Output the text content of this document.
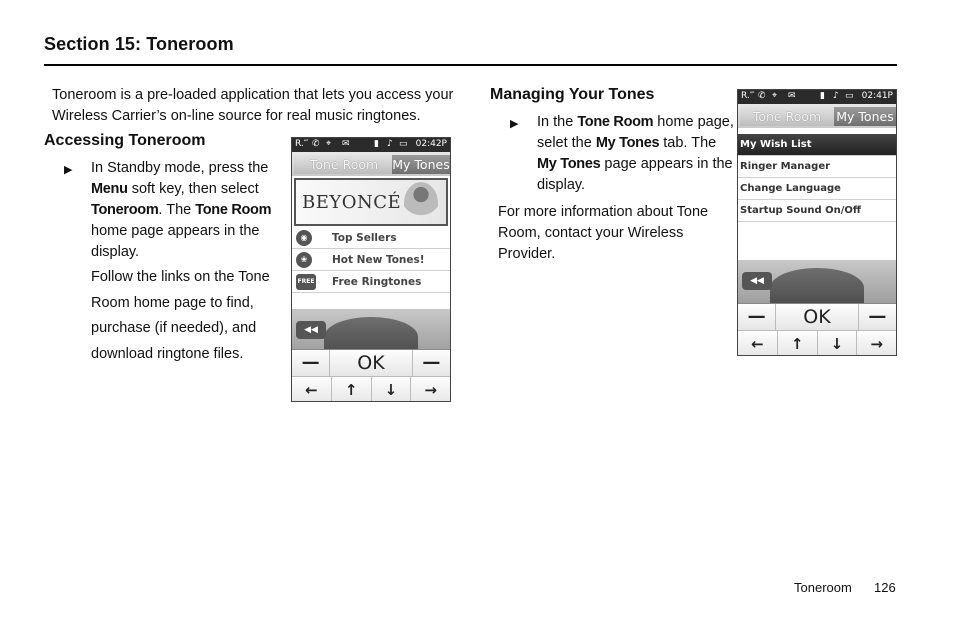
Section 15: Toneroom
Toneroom is a pre-loaded application that lets you access your
Wireless Carrier’s on-line source for real music ringtones.
Accessing Toneroom
▶ In Standby mode, press the
Menu soft key, then select
Toneroom. The Tone Room
home page appears in the
display.
Follow the links on the Tone
Room home page to find,
purchase (if needed), and
download ringtone files.
R.‴ ✆ ⌖ ✉	▮ ♪ ▭ 02:42P
Tone Room	My Tones
BEYONCÉ
◉	Top Sellers
❀	Hot New Tones!
FREE Free Ringtones
◀◀
—	OK	—
←	↑	↓	→
Managing Your Tones
▶ In the Tone Room home page,
selet the My Tones tab. The
My Tones page appears in the
display.
For more information about Tone
Room, contact your Wireless
Provider.
R.‴ ✆ ⌖ ✉	▮ ♪ ▭ 02:41P
Tone Room	My Tones
My Wish List
Ringer Manager
Change Language
Startup Sound On/Off
◀◀
—	OK	—
←	↑	↓	→
Toneroom 126
